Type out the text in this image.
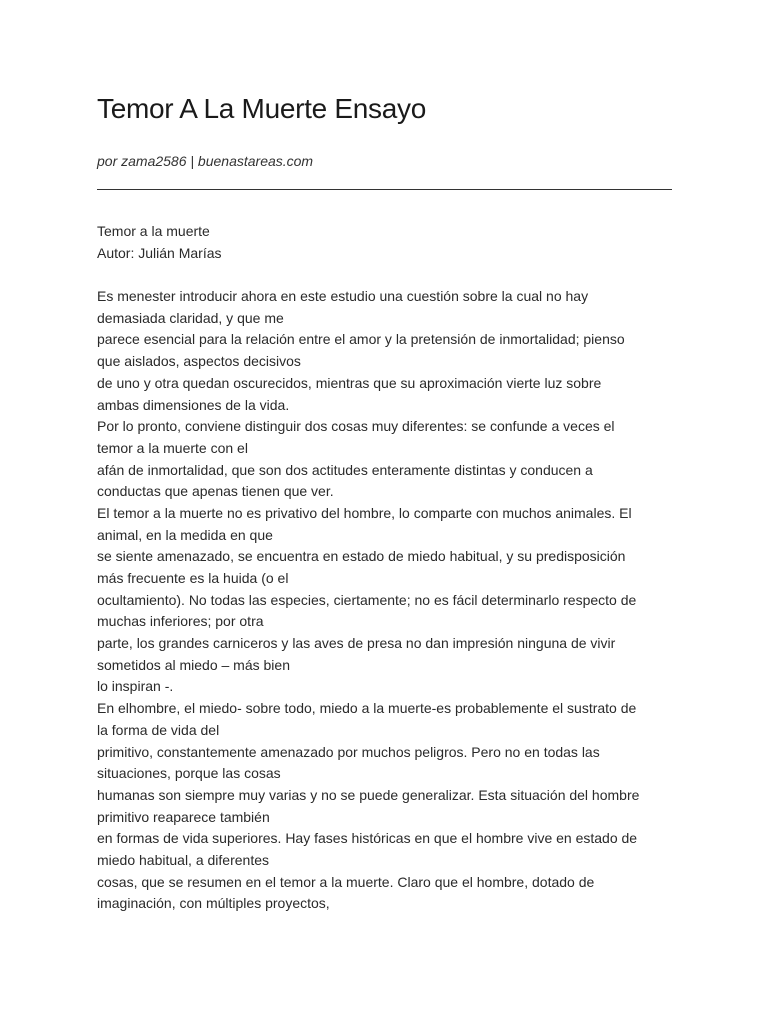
Temor A La Muerte Ensayo
por zama2586 | buenastareas.com
Temor a la muerte
Autor: Julián Marías
Es menester introducir ahora en este estudio una cuestión sobre la cual no hay
demasiada claridad, y que me
parece esencial para la relación entre el amor y la pretensión de inmortalidad; pienso
que aislados, aspectos decisivos
de uno y otra quedan oscurecidos, mientras que su aproximación vierte luz sobre
ambas dimensiones de la vida.
Por lo pronto, conviene distinguir dos cosas muy diferentes: se confunde a veces el
temor a la muerte con el
afán de inmortalidad, que son dos actitudes enteramente distintas y conducen a
conductas que apenas tienen que ver.
El temor a la muerte no es privativo del hombre, lo comparte con muchos animales. El
animal, en la medida en que
se siente amenazado, se encuentra en estado de miedo habitual, y su predisposición
más frecuente es la huida (o el
ocultamiento). No todas las especies, ciertamente; no es fácil determinarlo respecto de
muchas inferiores; por otra
parte, los grandes carniceros y las aves de presa no dan impresión ninguna de vivir
sometidos al miedo – más bien
lo inspiran -.
En elhombre, el miedo- sobre todo, miedo a la muerte-es probablemente el sustrato de
la forma de vida del
primitivo, constantemente amenazado por muchos peligros. Pero no en todas las
situaciones, porque las cosas
humanas son siempre muy varias y no se puede generalizar. Esta situación del hombre
primitivo reaparece también
en formas de vida superiores. Hay fases históricas en que el hombre vive en estado de
miedo habitual, a diferentes
cosas, que se resumen en el temor a la muerte. Claro que el hombre, dotado de
imaginación, con múltiples proyectos,
